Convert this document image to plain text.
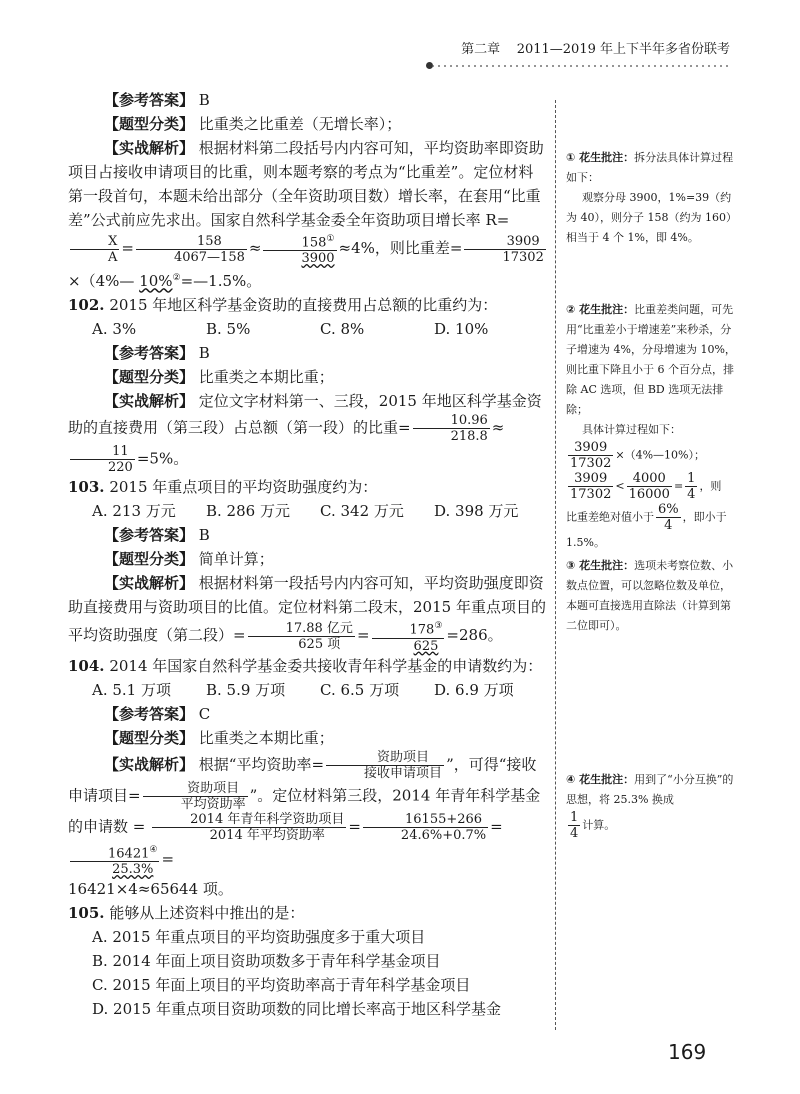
第二章 2011—2019 年上下半年多省份联考

【参考答案】 B

【题型分类】 比重类之比重差（无增长率）；

【实战解析】 根据材料第二段括号内内容可知，平均资助率即资助项目占接收申请项目的比重，则本题考察的考点为“比重差”。定位材料第一段首句，本题未给出部分（全年资助项目数）增长率，在套用“比重差”公式前应先求出。国家自然科学基金委全年资助项目增长率 R=
$\frac{X}{A} = \frac{158}{4067—158} \approx \frac{158^①}{3900} \approx 4\%$，则比重差= $\frac{3909}{17302}$
×（4%— 10%②=—1.5%。

102. 2015 年地区科学基金资助的直接费用占总额的比重约为：

A. 3%	B. 5%	C. 8%	D. 10%

【参考答案】 B

【题型分类】 比重类之本期比重；

【实战解析】 定位文字材料第一、三段，2015 年地区科学基金资助的直接费用（第三段）占总额（第一段）的比重= $\frac{10.96}{218.8}$ ≈
$\frac{11}{220} =5\%$。

103. 2015 年重点项目的平均资助强度约为：

A. 213 万元	B. 286 万元	C. 342 万元	D. 398 万元

【参考答案】 B

【题型分类】 简单计算；

【实战解析】 根据材料第一段括号内内容可知，平均资助强度即资助直接费用与资助项目的比值。定位材料第二段末，2015 年重点项目的平均资助强度（第二段）= $\frac{\text{17.88 亿元}}{\text{625 项}} = \frac{178^③}{625} =286$。

104. 2014 年国家自然科学基金委共接收青年科学基金的申请数约为：

A. 5.1 万项	B. 5.9 万项	C. 6.5 万项	D. 6.9 万项

【参考答案】 C

【题型分类】 比重类之本期比重；

【实战解析】 根据“平均资助率= $\frac{\text{资助项目}}{\text{接收申请项目}}$ ”，可得“接收申请项目= $\frac{\text{资助项目}}{\text{平均资助率}}$ ”。定位材料第三段，2014 年青年科学基金的申请数 = $\frac{\text{2014 年青年科学资助项目}}{\text{2014 年平均资助率}} = \frac{16155+266}{24.6\%+0.7\%}$ =
$\frac{16421^④}{25.3\%}$ =

16421×4≈65644 项。

105. 能够从上述资料中推出的是：

A. 2015 年重点项目的平均资助强度多于重大项目

B. 2014 年面上项目资助项数多于青年科学基金项目

C. 2015 年面上项目的平均资助率高于青年科学基金项目

D. 2015 年重点项目资助项数的同比增长率高于地区科学基金

① 花生批注：拆分法具体计算过程如下：

观察分母 3900，1%=39（约为 40），则分子 158（约为 160）相当于 4 个 1%，即 4%。

② 花生批注：比重差类问题，可先用“比重差小于增速差”来秒杀，分子增速为 4%，分母增速为 10%，则比重下降且小于 6 个百分点，排除 AC 选项，但 BD 选项无法排除；

具体计算过程如下：

$\frac{3909}{17302}$ ×（4%—10%）；

$\frac{3909}{17302} < \frac{4000}{16000} = \frac{1}{4}$ ，则

比重差绝对值小于 $\frac{6\%}{4}$ ，即小于 1.5%。

③ 花生批注：选项未考察位数、小数点位置，可以忽略位数及单位，本题可直接选用直除法（计算到第二位即可）。

④ 花生批注：用到了“小分互换”的思想，将 25.3% 换成

$\frac{1}{4}$ 计算。

169
